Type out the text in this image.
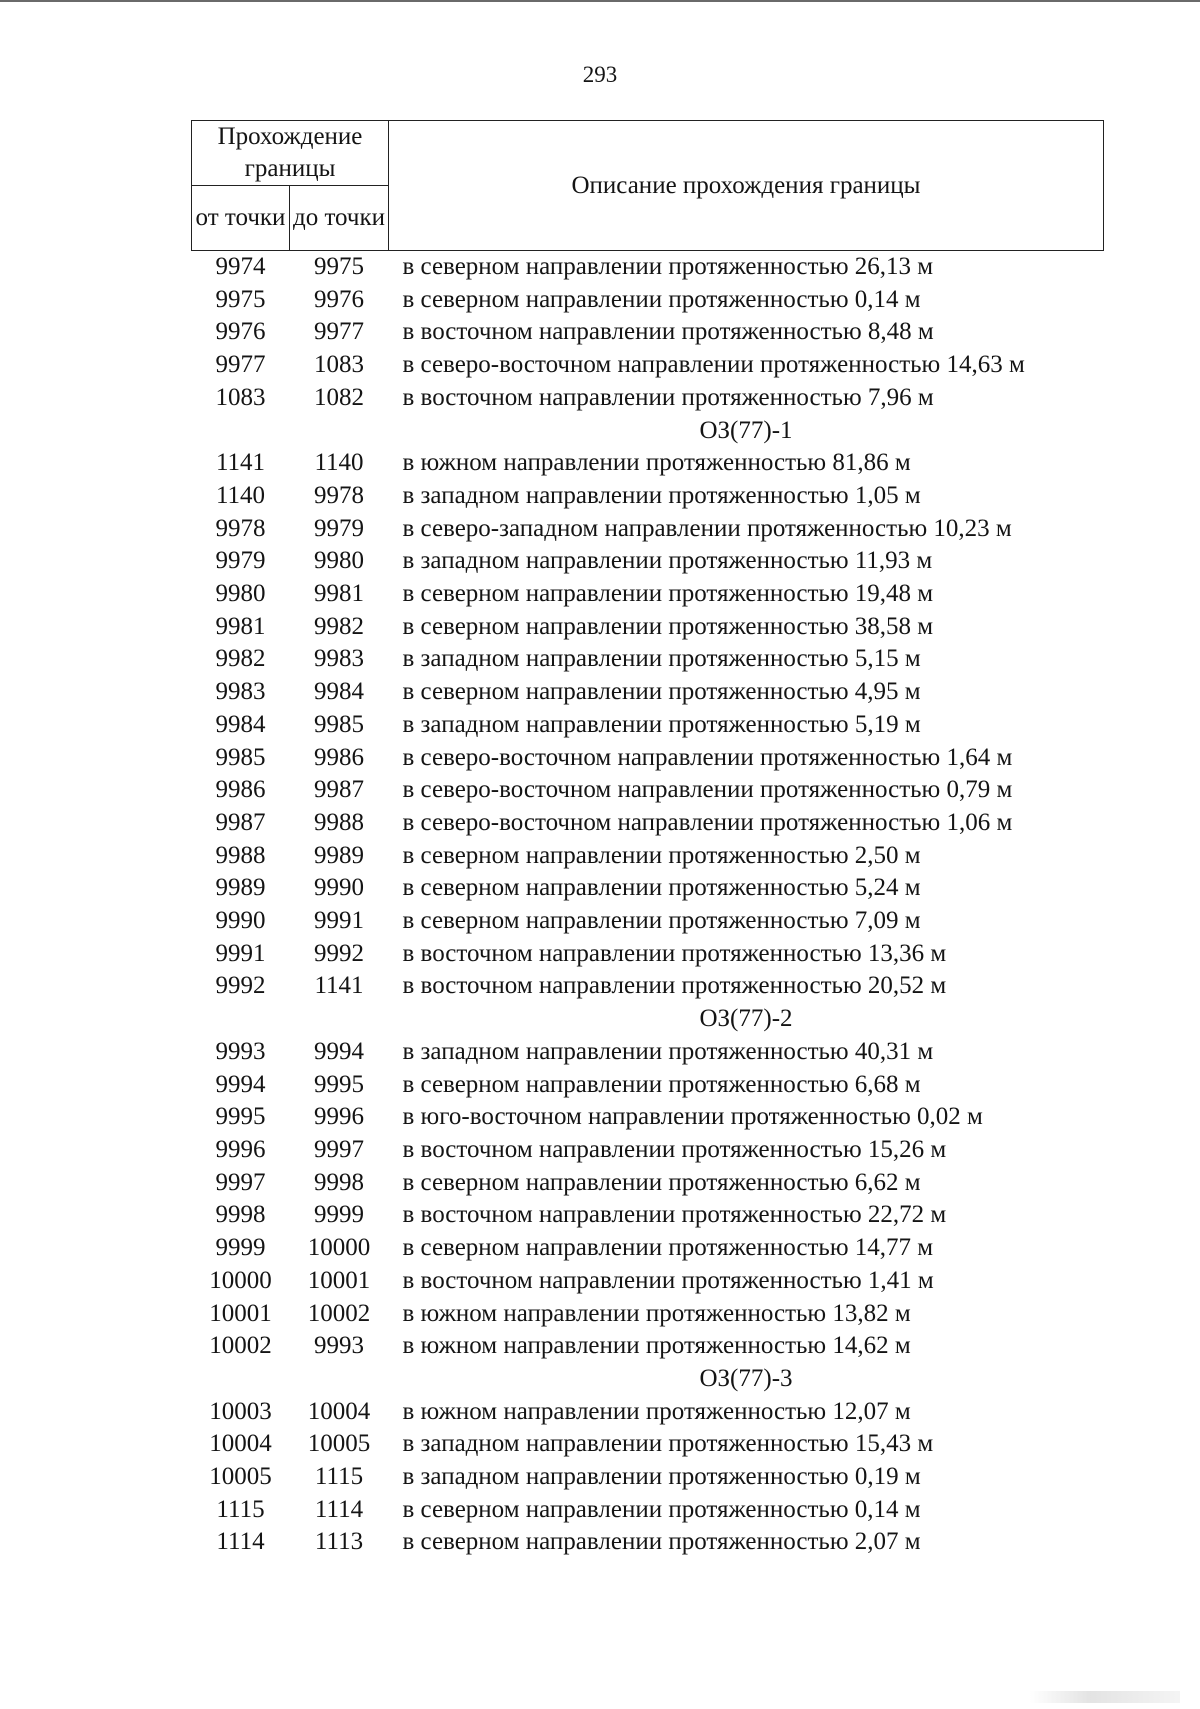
293
Прохождение границы		Описание прохождения границы
от точки	до точки	
9974	9975	в северном направлении протяженностью 26,13 м
9975	9976	в северном направлении протяженностью 0,14 м
9976	9977	в восточном направлении протяженностью 8,48 м
9977	1083	в северо-восточном направлении протяженностью 14,63 м
1083	1082	в восточном направлении протяженностью 7,96 м
ОЗ(77)-1		
1141	1140	в южном направлении протяженностью 81,86 м
1140	9978	в западном направлении протяженностью 1,05 м
9978	9979	в северо-западном направлении протяженностью 10,23 м
9979	9980	в западном направлении протяженностью 11,93 м
9980	9981	в северном направлении протяженностью 19,48 м
9981	9982	в северном направлении протяженностью 38,58 м
9982	9983	в западном направлении протяженностью 5,15 м
9983	9984	в северном направлении протяженностью 4,95 м
9984	9985	в западном направлении протяженностью 5,19 м
9985	9986	в северо-восточном направлении протяженностью 1,64 м
9986	9987	в северо-восточном направлении протяженностью 0,79 м
9987	9988	в северо-восточном направлении протяженностью 1,06 м
9988	9989	в северном направлении протяженностью 2,50 м
9989	9990	в северном направлении протяженностью 5,24 м
9990	9991	в северном направлении протяженностью 7,09 м
9991	9992	в восточном направлении протяженностью 13,36 м
9992	1141	в восточном направлении протяженностью 20,52 м
ОЗ(77)-2		
9993	9994	в западном направлении протяженностью 40,31 м
9994	9995	в северном направлении протяженностью 6,68 м
9995	9996	в юго-восточном направлении протяженностью 0,02 м
9996	9997	в восточном направлении протяженностью 15,26 м
9997	9998	в северном направлении протяженностью 6,62 м
9998	9999	в восточном направлении протяженностью 22,72 м
9999	10000	в северном направлении протяженностью 14,77 м
10000	10001	в восточном направлении протяженностью 1,41 м
10001	10002	в южном направлении протяженностью 13,82 м
10002	9993	в южном направлении протяженностью 14,62 м
ОЗ(77)-3		
10003	10004	в южном направлении протяженностью 12,07 м
10004	10005	в западном направлении протяженностью 15,43 м
10005	1115	в западном направлении протяженностью 0,19 м
1115	1114	в северном направлении протяженностью 0,14 м
1114	1113	в северном направлении протяженностью 2,07 м
